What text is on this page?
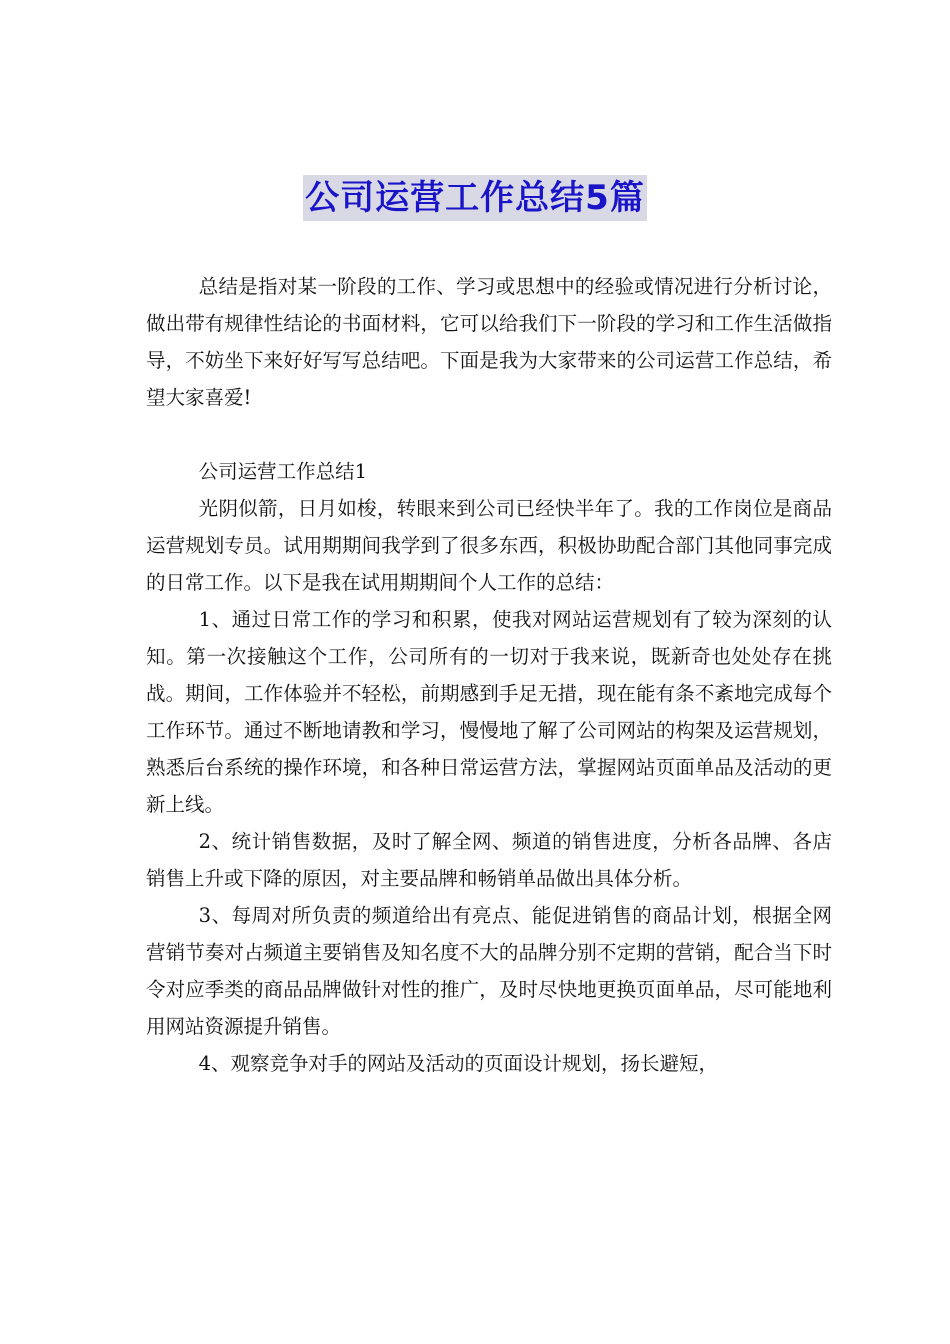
公司运营工作总结5篇

总结是指对某一阶段的工作、学习或思想中的经验或情况进行分析讨论，做出带有规律性结论的书面材料，它可以给我们下一阶段的学习和工作生活做指导，不妨坐下来好好写写总结吧。下面是我为大家带来的公司运营工作总结，希望大家喜爱!

公司运营工作总结1

光阴似箭，日月如梭，转眼来到公司已经快半年了。我的工作岗位是商品运营规划专员。试用期期间我学到了很多东西，积极协助配合部门其他同事完成的日常工作。以下是我在试用期期间个人工作的总结：

1、通过日常工作的学习和积累，使我对网站运营规划有了较为深刻的认知。第一次接触这个工作，公司所有的一切对于我来说，既新奇也处处存在挑战。期间，工作体验并不轻松，前期感到手足无措，现在能有条不紊地完成每个工作环节。通过不断地请教和学习，慢慢地了解了公司网站的构架及运营规划，熟悉后台系统的操作环境，和各种日常运营方法，掌握网站页面单品及活动的更新上线。

2、统计销售数据，及时了解全网、频道的销售进度，分析各品牌、各店销售上升或下降的原因，对主要品牌和畅销单品做出具体分析。

3、每周对所负责的频道给出有亮点、能促进销售的商品计划，根据全网营销节奏对占频道主要销售及知名度不大的品牌分别不定期的营销，配合当下时令对应季类的商品品牌做针对性的推广，及时尽快地更换页面单品，尽可能地利用网站资源提升销售。

4、观察竞争对手的网站及活动的页面设计规划，扬长避短，
